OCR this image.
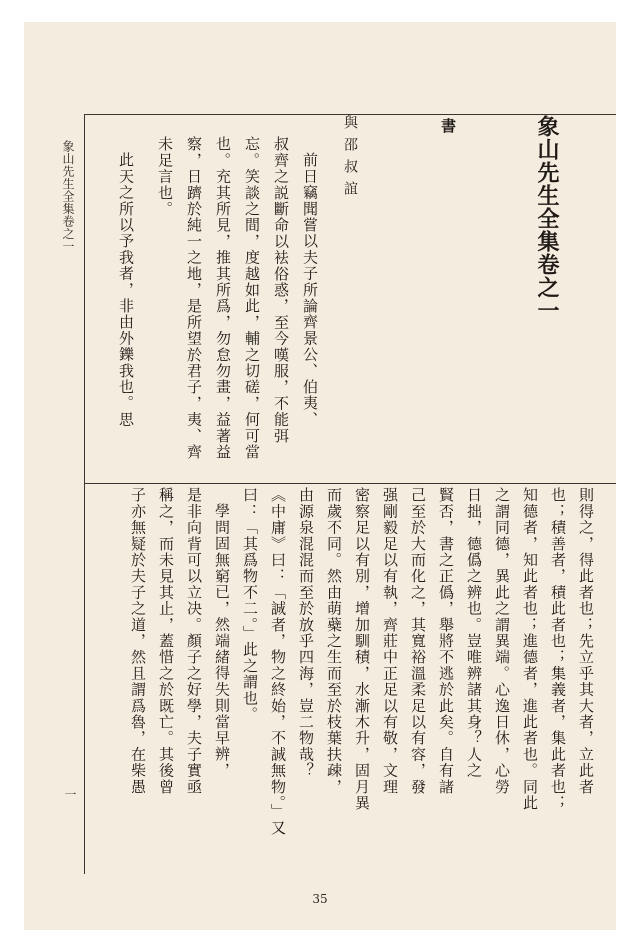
象山先生全集卷之一
一
象山先生全集卷之一
書
與邵叔誼
前日竊聞嘗以夫子所論齊景公、伯夷、
叔齊之説斷命以袪俗惑，至今嘆服，不能弭
忘。笑談之間，度越如此，輔之切磋，何可當
也。充其所見，推其所爲，勿怠勿畫，益著益
察，日躋於純一之地，是所望於君子，夷、齊
未足言也。
此天之所以予我者，非由外鑠我也。思
則得之，得此者也；先立乎其大者，立此者
也；積善者，積此者也；集義者，集此者也；
知德者，知此者也；進德者，進此者也。同此
之謂同德，異此之謂異端。心逸日休，心勞
日拙，德僞之辨也。豈唯辨諸其身？人之
賢否，書之正僞，舉將不逃於此矣。自有諸
己至於大而化之，其寬裕溫柔足以有容，發
强剛毅足以有執，齊莊中正足以有敬，文理
密察足以有別，增加馴積，水漸木升，固月異
而歲不同。然由萌蘗之生而至於枝葉扶疎，
由源泉混混而至於放乎四海，豈二物哉？
《中庸》曰：「誠者，物之終始，不誠無物。」又
曰：「其爲物不二。」此之謂也。
學問固無窮已，然端緒得失則當早辨，
是非向背可以立决。顏子之好學，夫子實亟
稱之，而未見其止，蓋惜之於既亡。其後曾
子亦無疑於夫子之道，然且謂爲魯，在柴愚
35
